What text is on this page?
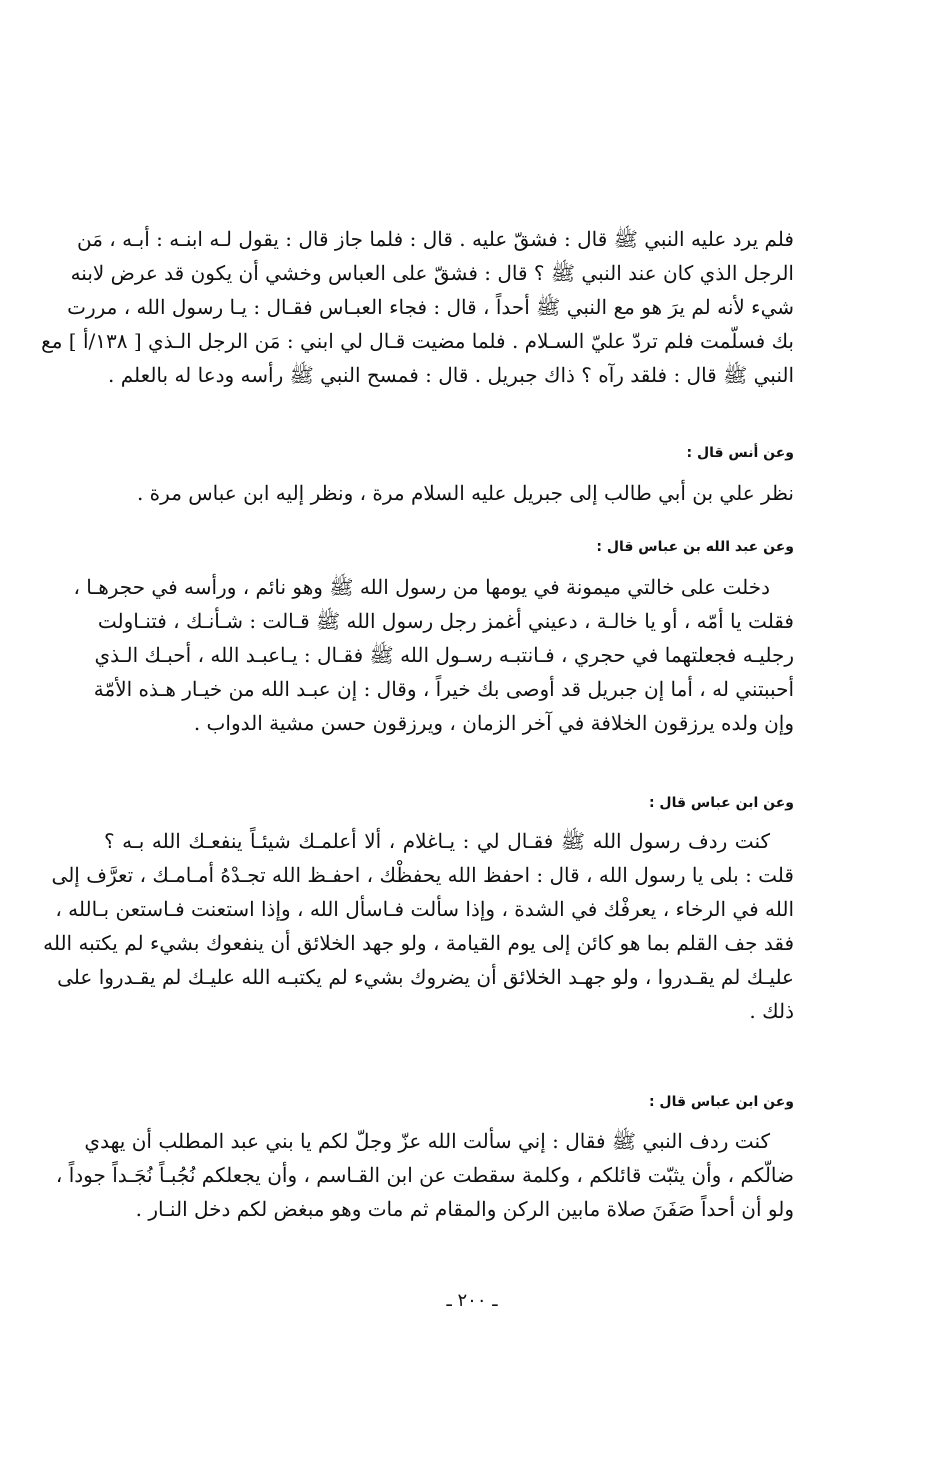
فلم يرد عليه النبي ﷺ قال : فشقّ عليه . قال : فلما جاز قال : يقول لـه ابنـه : أبـه ، مَن
الرجل الذي كان عند النبي ﷺ ؟ قال : فشقّ على العباس وخشي أن يكون قد عرض لابنه
شيء لأنه لم يرَ هو مع النبي ﷺ أحداً ، قال : فجاء العبـاس فقـال : يـا رسول الله ، مررت
بك فسلّمت فلم تردّ عليّ السـلام . فلما مضيت قـال لي ابني : مَن الرجل الـذي [ ١٣٨/أ ] مع
النبي ﷺ قال : فلقد رآه ؟ ذاك جبريل . قال : فمسح النبي ﷺ رأسه ودعا له بالعلم .
وعن أنس قال :
نظر علي بن أبي طالب إلى جبريل عليه السلام مرة ، ونظر إليه ابن عباس مرة .
وعن عبد الله بن عباس قال :
دخلت على خالتي ميمونة في يومها من رسول الله ﷺ وهو نائم ، ورأسه في حجرهـا ،
فقلت يا أمّه ، أو يا خالـة ، دعيني أغمز رجل رسول الله ﷺ قـالت : شـأنـك ، فتنـاولت
رجليـه فجعلتهما في حجري ، فـانتبـه رسـول الله ﷺ فقـال : يـاعبـد الله ، أحبـك الـذي
أحببتني له ، أما إن جبريل قد أوصى بك خيراً ، وقال : إن عبـد الله من خيـار هـذه الأمّة
وإن ولده يرزقون الخلافة في آخر الزمان ، ويرزقون حسن مشية الدواب .
وعن ابن عباس قال :
كنت ردف رسول الله ﷺ فقـال لي : يـاغلام ، ألا أعلمـك شيئـاً ينفعـك الله بـه ؟
قلت : بلى يا رسول الله ، قال : احفظ الله يحفظْك ، احفـظ الله تجـدْهُ أمـامـك ، تعرَّف إلى
الله في الرخاء ، يعرفْك في الشدة ، وإذا سألت فـاسأل الله ، وإذا استعنت فـاستعن بـالله ،
فقد جف القلم بما هو كائن إلى يوم القيامة ، ولو جهد الخلائق أن ينفعوك بشيء لم يكتبه الله
عليـك لم يقـدروا ، ولو جهـد الخلائق أن يضروك بشيء لم يكتبـه الله عليـك لم يقـدروا على
ذلك .
وعن ابن عباس قال :
كنت ردف النبي ﷺ فقال : إني سألت الله عزّ وجلّ لكم يا بني عبد المطلب أن يهدي
ضالّكم ، وأن يثبّت قائلكم ، وكلمة سقطت عن ابن القـاسم ، وأن يجعلكم نُجُبـاً نُجَـداً جوداً ،
ولو أن أحداً صَفَنَ صلاة مابين الركن والمقام ثم مات وهو مبغض لكم دخل النـار .
ـ ٢٠٠ ـ
